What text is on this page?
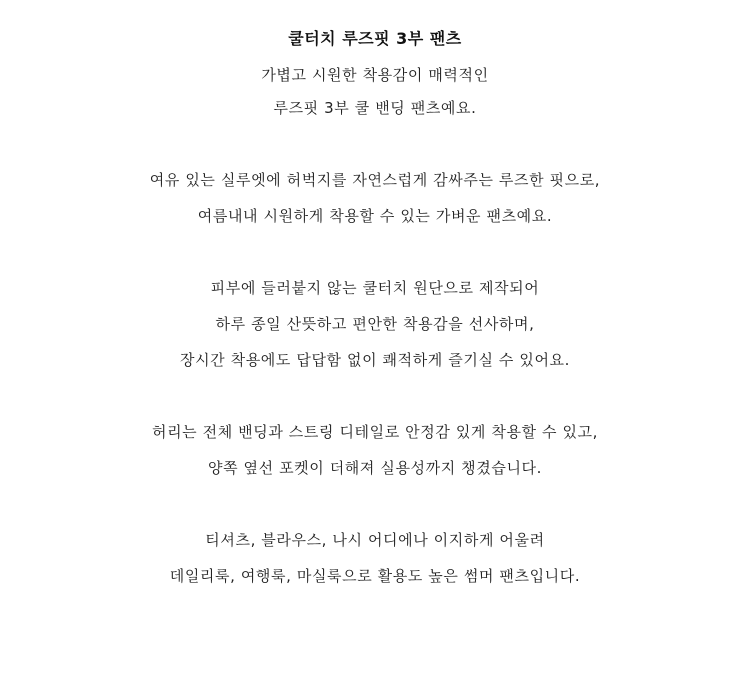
쿨터치 루즈핏 3부 팬츠
가볍고 시원한 착용감이 매력적인
루즈핏 3부 쿨 밴딩 팬츠예요.
여유 있는 실루엣에 허벅지를 자연스럽게 감싸주는 루즈한 핏으로,
여름내내 시원하게 착용할 수 있는 가벼운 팬츠예요.
피부에 들러붙지 않는 쿨터치 원단으로 제작되어
하루 종일 산뜻하고 편안한 착용감을 선사하며,
장시간 착용에도 답답함 없이 쾌적하게 즐기실 수 있어요.
허리는 전체 밴딩과 스트링 디테일로 안정감 있게 착용할 수 있고,
양쪽 옆선 포켓이 더해져 실용성까지 챙겼습니다.
티셔츠, 블라우스, 나시 어디에나 이지하게 어울려
데일리룩, 여행룩, 마실룩으로 활용도 높은 썸머 팬츠입니다.
